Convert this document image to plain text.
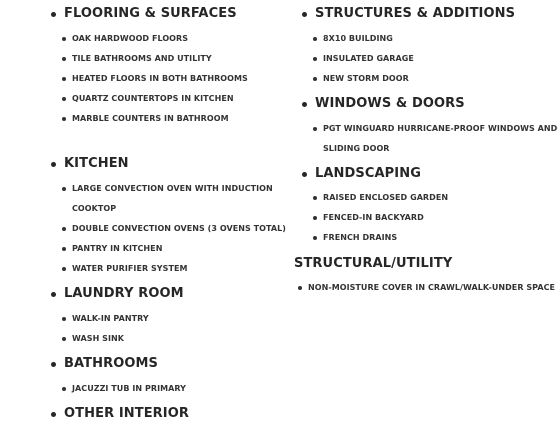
FLOORING & SURFACES
OAK HARDWOOD FLOORS
TILE BATHROOMS AND UTILITY
HEATED FLOORS IN BOTH BATHROOMS
QUARTZ COUNTERTOPS IN KITCHEN
MARBLE COUNTERS IN BATHROOM
KITCHEN
LARGE CONVECTION OVEN WITH INDUCTION
COOKTOP
DOUBLE CONVECTION OVENS (3 OVENS TOTAL)
PANTRY IN KITCHEN
WATER PURIFIER SYSTEM
LAUNDRY ROOM
WALK-IN PANTRY
WASH SINK
BATHROOMS
JACUZZI TUB IN PRIMARY
OTHER INTERIOR
STRUCTURES & ADDITIONS
8X10 BUILDING
INSULATED GARAGE
NEW STORM DOOR
WINDOWS & DOORS
PGT WINGUARD HURRICANE-PROOF WINDOWS AND
SLIDING DOOR
LANDSCAPING
RAISED ENCLOSED GARDEN
FENCED-IN BACKYARD
FRENCH DRAINS
STRUCTURAL/UTILITY
NON-MOISTURE COVER IN CRAWL/WALK-UNDER SPACE
